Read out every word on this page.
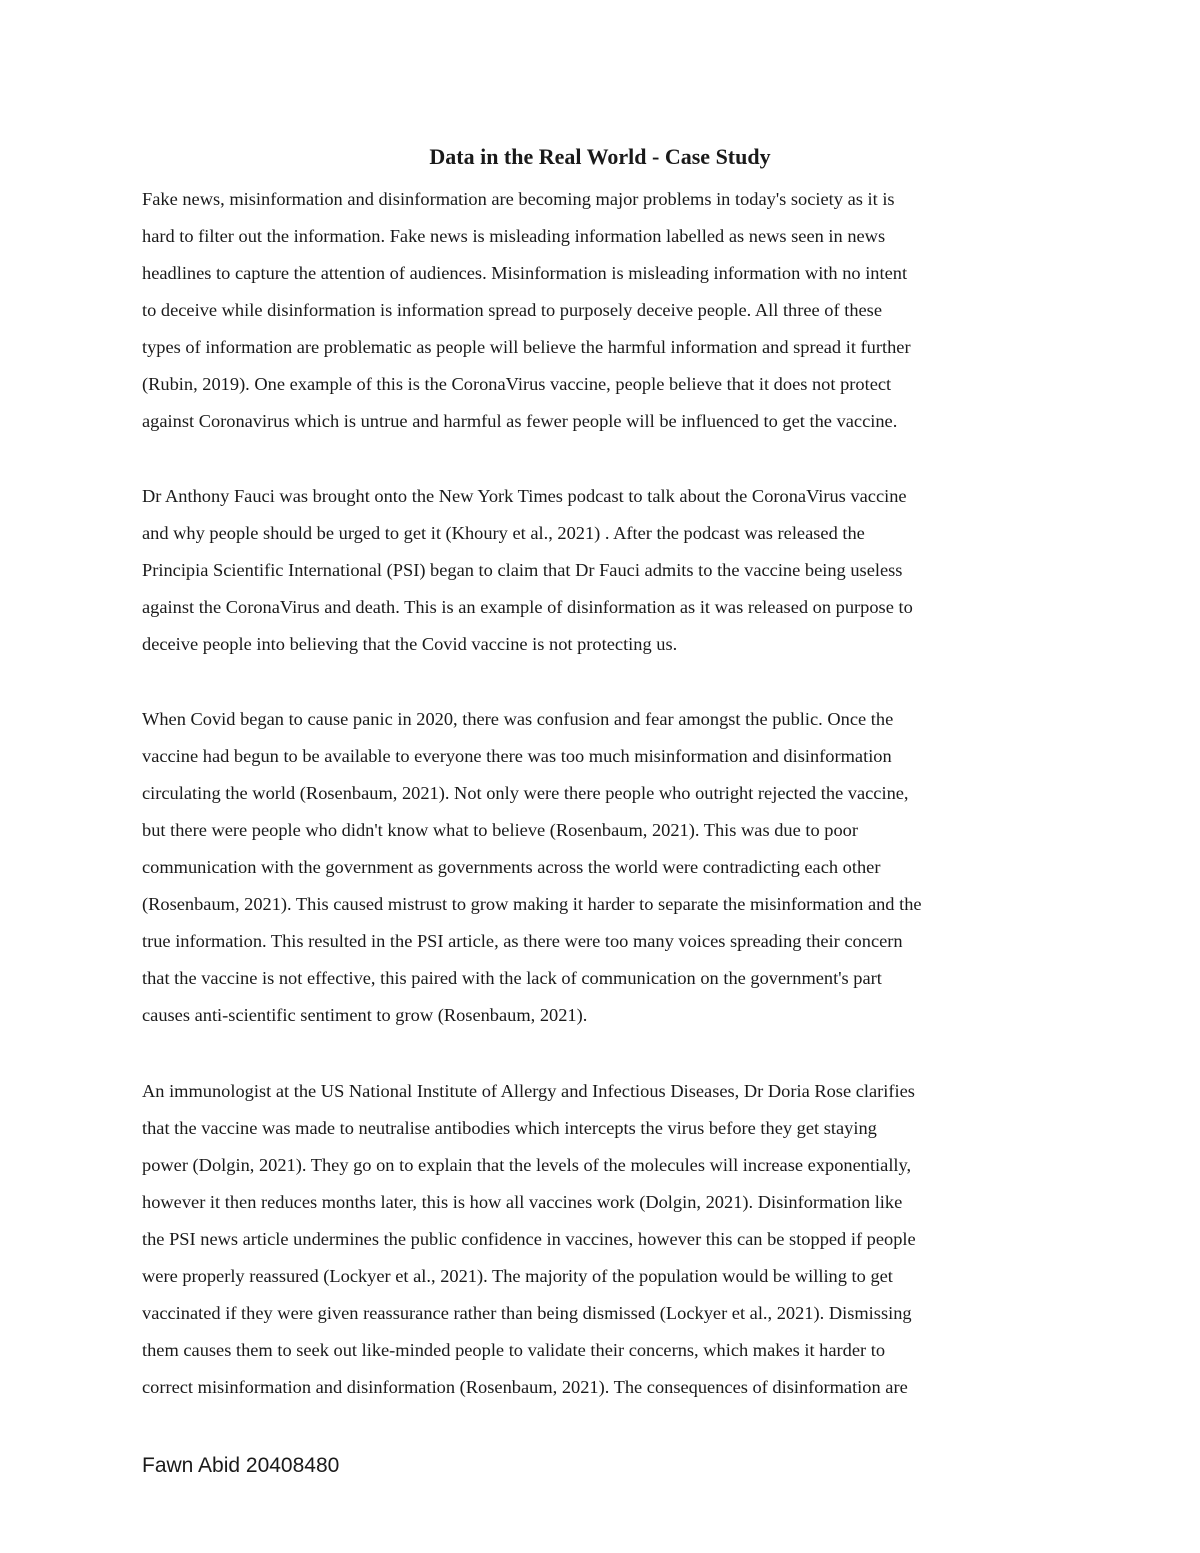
Data in the Real World - Case Study
Fake news, misinformation and disinformation are becoming major problems in today's society as it is
hard to filter out the information. Fake news is misleading information labelled as news seen in news
headlines to capture the attention of audiences. Misinformation is misleading information with no intent
to deceive while disinformation is information spread to purposely deceive people. All three of these
types of information are problematic as people will believe the harmful information and spread it further
(Rubin, 2019). One example of this is the CoronaVirus vaccine, people believe that it does not protect
against Coronavirus which is untrue and harmful as fewer people will be influenced to get the vaccine.
Dr Anthony Fauci was brought onto the New York Times podcast to talk about the CoronaVirus vaccine
and why people should be urged to get it (Khoury et al., 2021) . After the podcast was released the
Principia Scientific International (PSI) began to claim that Dr Fauci admits to the vaccine being useless
against the CoronaVirus and death. This is an example of disinformation as it was released on purpose to
deceive people into believing that the Covid vaccine is not protecting us.
When Covid began to cause panic in 2020, there was confusion and fear amongst the public. Once the
vaccine had begun to be available to everyone there was too much misinformation and disinformation
circulating the world (Rosenbaum, 2021). Not only were there people who outright rejected the vaccine,
but there were people who didn't know what to believe (Rosenbaum, 2021). This was due to poor
communication with the government as governments across the world were contradicting each other
(Rosenbaum, 2021). This caused mistrust to grow making it harder to separate the misinformation and the
true information. This resulted in the PSI article, as there were too many voices spreading their concern
that the vaccine is not effective, this paired with the lack of communication on the government's part
causes anti-scientific sentiment to grow (Rosenbaum, 2021).
An immunologist at the US National Institute of Allergy and Infectious Diseases, Dr Doria Rose clarifies
that the vaccine was made to neutralise antibodies which intercepts the virus before they get staying
power (Dolgin, 2021). They go on to explain that the levels of the molecules will increase exponentially,
however it then reduces months later, this is how all vaccines work (Dolgin, 2021). Disinformation like
the PSI news article undermines the public confidence in vaccines, however this can be stopped if people
were properly reassured (Lockyer et al., 2021). The majority of the population would be willing to get
vaccinated if they were given reassurance rather than being dismissed (Lockyer et al., 2021). Dismissing
them causes them to seek out like-minded people to validate their concerns, which makes it harder to
correct misinformation and disinformation (Rosenbaum, 2021). The consequences of disinformation are

Fawn Abid 20408480
